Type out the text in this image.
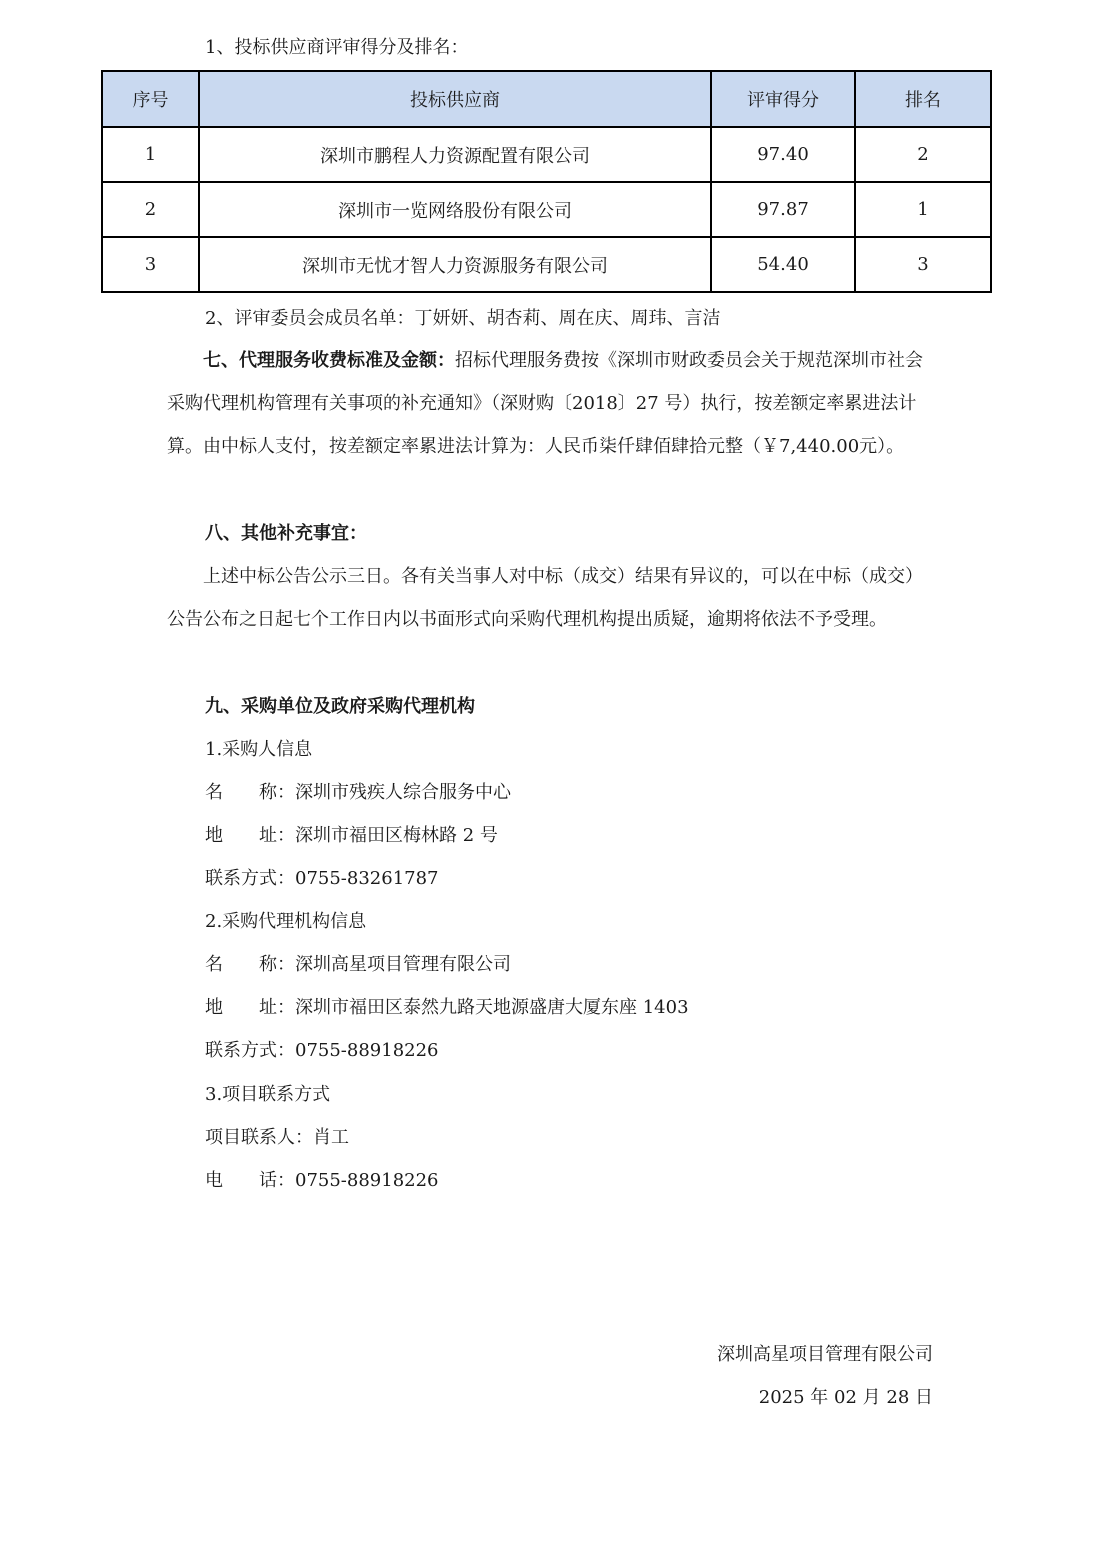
1、投标供应商评审得分及排名：
序号	投标供应商	评审得分	排名
1	深圳市鹏程人力资源配置有限公司	97.40	2
2	深圳市一览网络股份有限公司	97.87	1
3	深圳市无忧才智人力资源服务有限公司	54.40	3
2、评审委员会成员名单：丁妍妍、胡杏莉、周在庆、周玮、言洁
七、代理服务收费标准及金额：招标代理服务费按《深圳市财政委员会关于规范深圳市社会采购代理机构管理有关事项的补充通知》（深财购〔2018〕27 号）执行，按差额定率累进法计算。由中标人支付，按差额定率累进法计算为：人民币柒仟肆佰肆拾元整（￥7,440.00元）。
八、其他补充事宜：
上述中标公告公示三日。各有关当事人对中标（成交）结果有异议的，可以在中标（成交）公告公布之日起七个工作日内以书面形式向采购代理机构提出质疑，逾期将依法不予受理。
九、采购单位及政府采购代理机构
1.采购人信息
名　　称：深圳市残疾人综合服务中心
地　　址：深圳市福田区梅林路 2 号
联系方式：0755-83261787
2.采购代理机构信息
名　　称：深圳高星项目管理有限公司
地　　址：深圳市福田区泰然九路天地源盛唐大厦东座 1403
联系方式：0755-88918226
3.项目联系方式
项目联系人：肖工
电　　话：0755-88918226
深圳高星项目管理有限公司
2025 年 02 月 28 日
